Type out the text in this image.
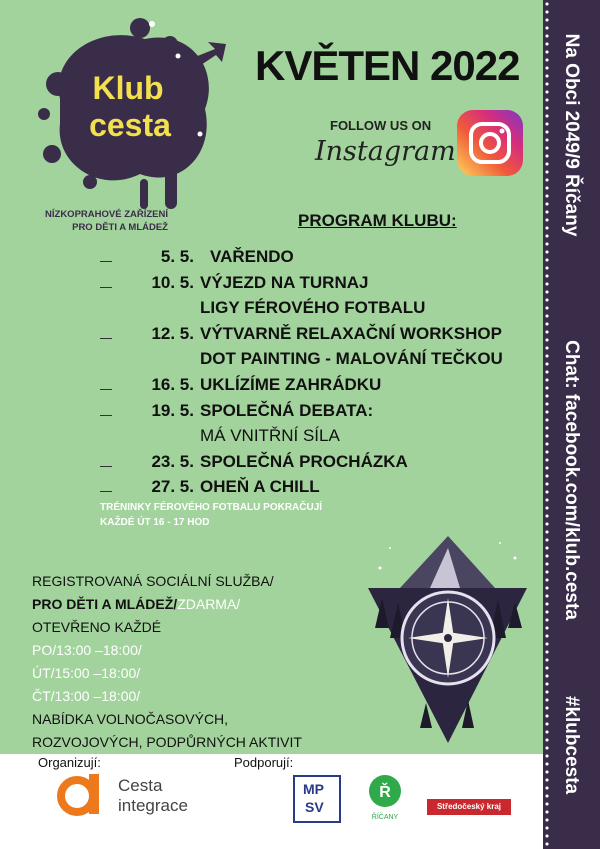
Na Obci 2049/9 Říčany
Chat: facebook.com/klub.cesta
#klubcesta
Klub
cesta
NÍZKOPRAHOVÉ ZAŘÍZENÍ
PRO DĚTI A MLÁDEŽ
KVĚTEN 2022
FOLLOW US ON
Instagram
PROGRAM KLUBU:
5. 5. VAŘENDO
10. 5. VÝJEZD NA TURNAJ
LIGY FÉROVÉHO FOTBALU
12. 5. VÝTVARNĚ RELAXAČNÍ WORKSHOP
DOT PAINTING - MALOVÁNÍ TEČKOU
16. 5. UKLÍZÍME ZAHRÁDKU
19. 5. SPOLEČNÁ DEBATA:
MÁ VNITŘNÍ SÍLA
23. 5. SPOLEČNÁ PROCHÁZKA
27. 5. OHEŇ A CHILL
TRÉNINKY FÉROVÉHO FOTBALU POKRAČUJÍ
KAŽDÉ ÚT 16 - 17 HOD
REGISTROVANÁ SOCIÁLNÍ SLUŽBA/
PRO DĚTI A MLÁDEŽ/ZDARMA/
OTEVŘENO KAŽDÉ
PO/13:00 –18:00/
ÚT/15:00 –18:00/
ČT/13:00 –18:00/
NABÍDKA VOLNOČASOVÝCH,
ROZVOJOVÝCH, PODPŮRNÝCH AKTIVIT
Organizují:	Podporují:
Cesta
integrace
MP
SV
Ř
ŘÍČANY
Středočeský kraj
